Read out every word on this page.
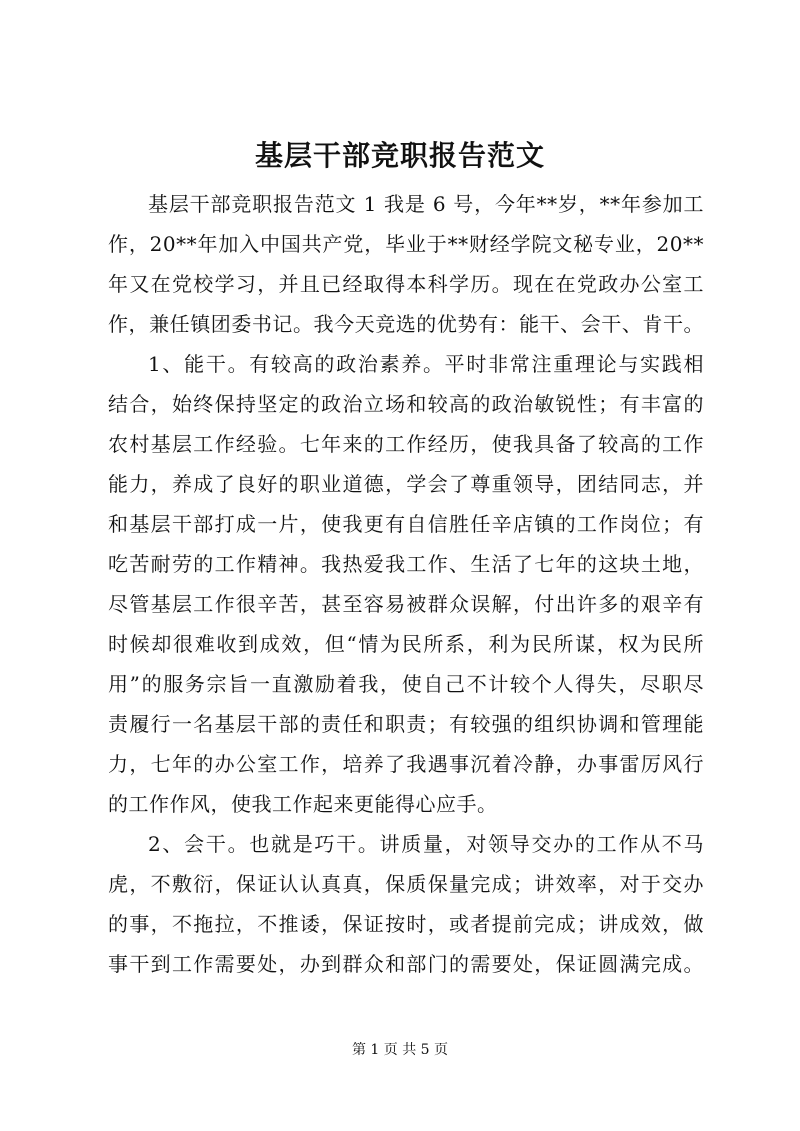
基层干部竞职报告范文
基层干部竞职报告范文 1 我是 6 号，今年**岁，**年参加工
作，20**年加入中国共产党，毕业于**财经学院文秘专业，20**
年又在党校学习，并且已经取得本科学历。现在在党政办公室工
作，兼任镇团委书记。我今天竞选的优势有：能干、会干、肯干。
1、能干。有较高的政治素养。平时非常注重理论与实践相
结合，始终保持坚定的政治立场和较高的政治敏锐性；有丰富的
农村基层工作经验。七年来的工作经历，使我具备了较高的工作
能力，养成了良好的职业道德，学会了尊重领导，团结同志，并
和基层干部打成一片，使我更有自信胜任辛店镇的工作岗位；有
吃苦耐劳的工作精神。我热爱我工作、生活了七年的这块土地，
尽管基层工作很辛苦，甚至容易被群众误解，付出许多的艰辛有
时候却很难收到成效，但“情为民所系，利为民所谋，权为民所
用”的服务宗旨一直激励着我，使自己不计较个人得失，尽职尽
责履行一名基层干部的责任和职责；有较强的组织协调和管理能
力，七年的办公室工作，培养了我遇事沉着冷静，办事雷厉风行
的工作作风，使我工作起来更能得心应手。
2、会干。也就是巧干。讲质量，对领导交办的工作从不马
虎，不敷衍，保证认认真真，保质保量完成；讲效率，对于交办
的事，不拖拉，不推诿，保证按时，或者提前完成；讲成效，做
事干到工作需要处，办到群众和部门的需要处，保证圆满完成。
第 1 页 共 5 页
